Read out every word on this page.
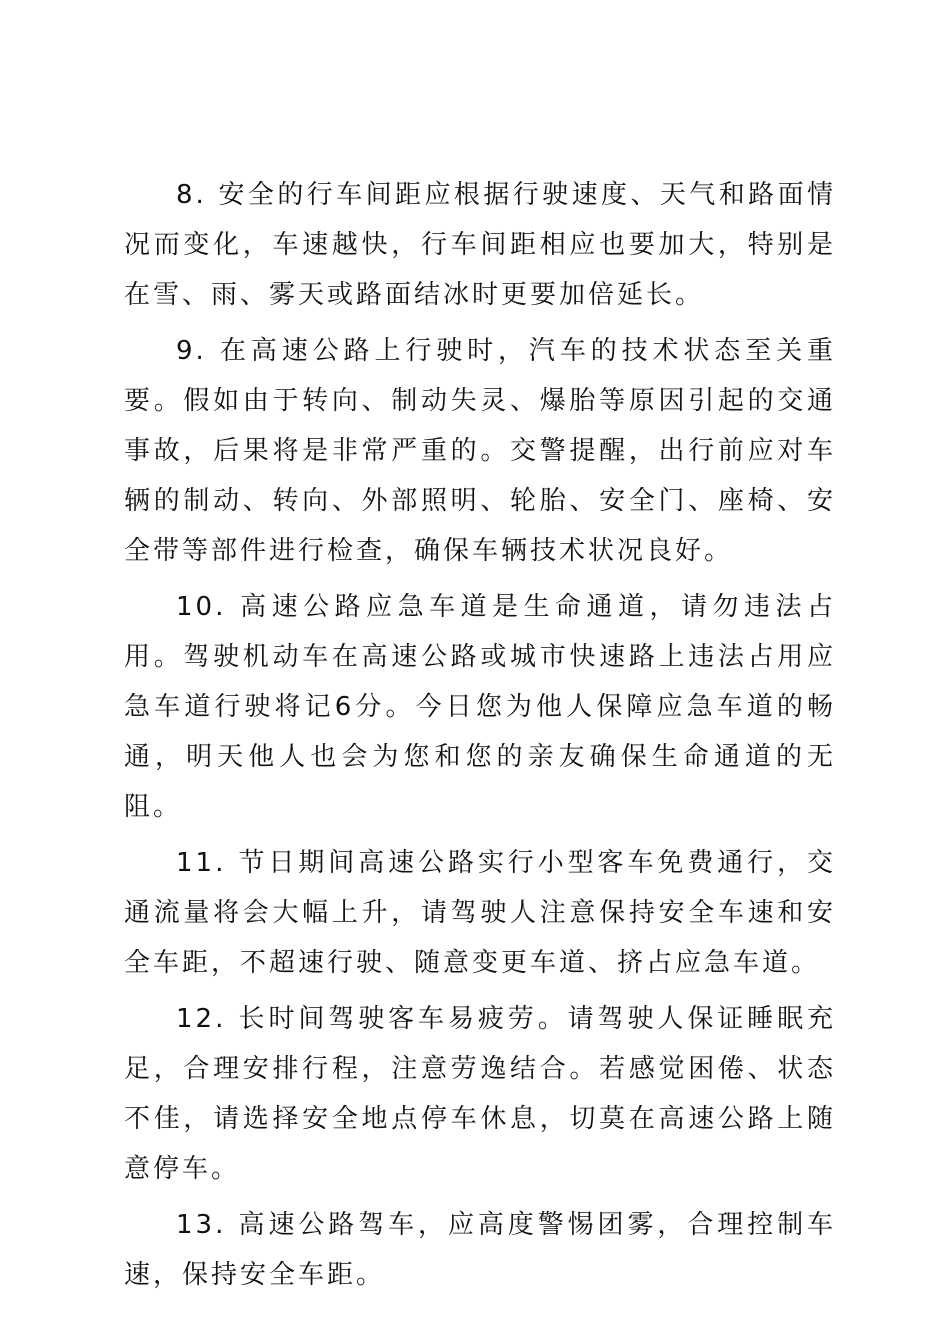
8. 安全的行车间距应根据行驶速度、天气和路面情况而变化，车速越快，行车间距相应也要加大，特别是在雪、雨、雾天或路面结冰时更要加倍延长。

9. 在高速公路上行驶时，汽车的技术状态至关重要。假如由于转向、制动失灵、爆胎等原因引起的交通事故，后果将是非常严重的。交警提醒，出行前应对车辆的制动、转向、外部照明、轮胎、安全门、座椅、安全带等部件进行检查，确保车辆技术状况良好。

10. 高速公路应急车道是生命通道，请勿违法占用。驾驶机动车在高速公路或城市快速路上违法占用应急车道行驶将记6分。今日您为他人保障应急车道的畅通，明天他人也会为您和您的亲友确保生命通道的无阻。

11. 节日期间高速公路实行小型客车免费通行，交通流量将会大幅上升，请驾驶人注意保持安全车速和安全车距，不超速行驶、随意变更车道、挤占应急车道。

12. 长时间驾驶客车易疲劳。请驾驶人保证睡眠充足，合理安排行程，注意劳逸结合。若感觉困倦、状态不佳，请选择安全地点停车休息，切莫在高速公路上随意停车。

13. 高速公路驾车，应高度警惕团雾，合理控制车速，保持安全车距。
